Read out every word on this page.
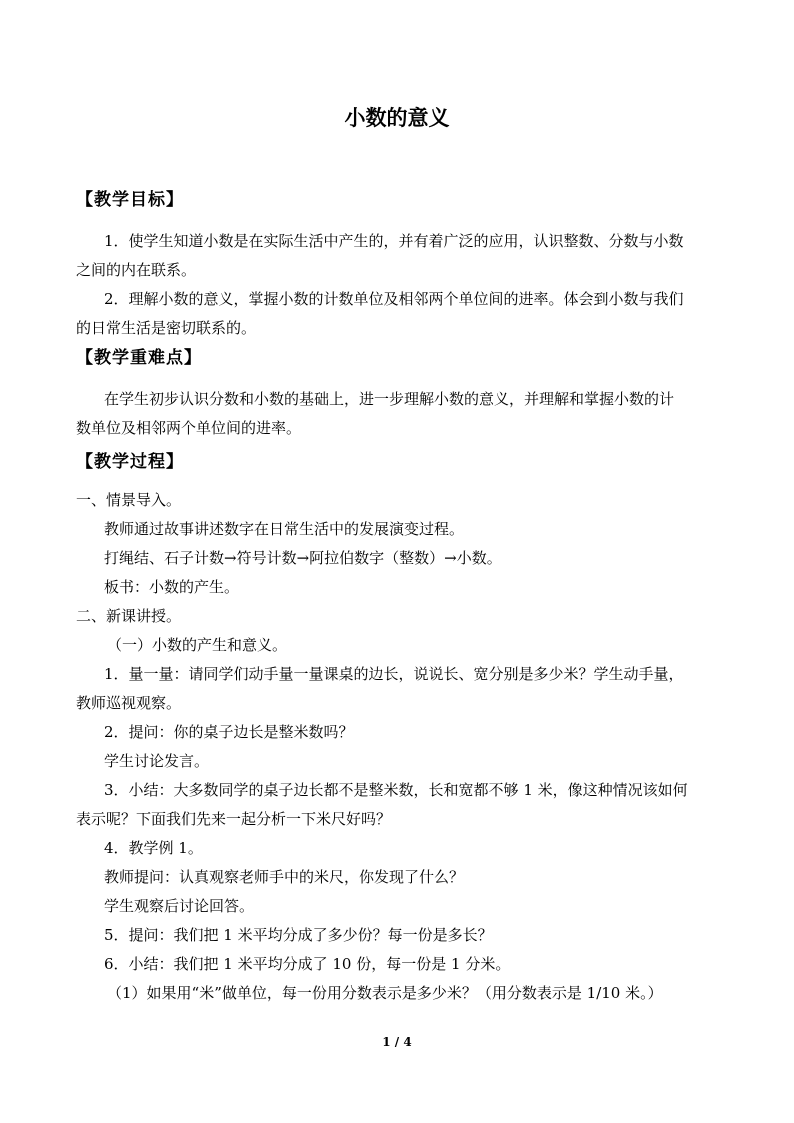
小数的意义
【教学目标】
1．使学生知道小数是在实际生活中产生的，并有着广泛的应用，认识整数、分数与小数
之间的内在联系。
2．理解小数的意义，掌握小数的计数单位及相邻两个单位间的进率。体会到小数与我们
的日常生活是密切联系的。
【教学重难点】
在学生初步认识分数和小数的基础上，进一步理解小数的意义，并理解和掌握小数的计
数单位及相邻两个单位间的进率。
【教学过程】
一、情景导入。
教师通过故事讲述数字在日常生活中的发展演变过程。
打绳结、石子计数→符号计数→阿拉伯数字（整数）→小数。
板书：小数的产生。
二、新课讲授。
（一）小数的产生和意义。
1．量一量：请同学们动手量一量课桌的边长，说说长、宽分别是多少米？学生动手量，
教师巡视观察。
2．提问：你的桌子边长是整米数吗？
学生讨论发言。
3．小结：大多数同学的桌子边长都不是整米数，长和宽都不够 1 米，像这种情况该如何
表示呢？下面我们先来一起分析一下米尺好吗？
4．教学例 1。
教师提问：认真观察老师手中的米尺，你发现了什么？
学生观察后讨论回答。
5．提问：我们把 1 米平均分成了多少份？每一份是多长？
6．小结：我们把 1 米平均分成了 10 份，每一份是 1 分米。
（1）如果用“米”做单位，每一份用分数表示是多少米？（用分数表示是 1/10 米。）
1 / 4
